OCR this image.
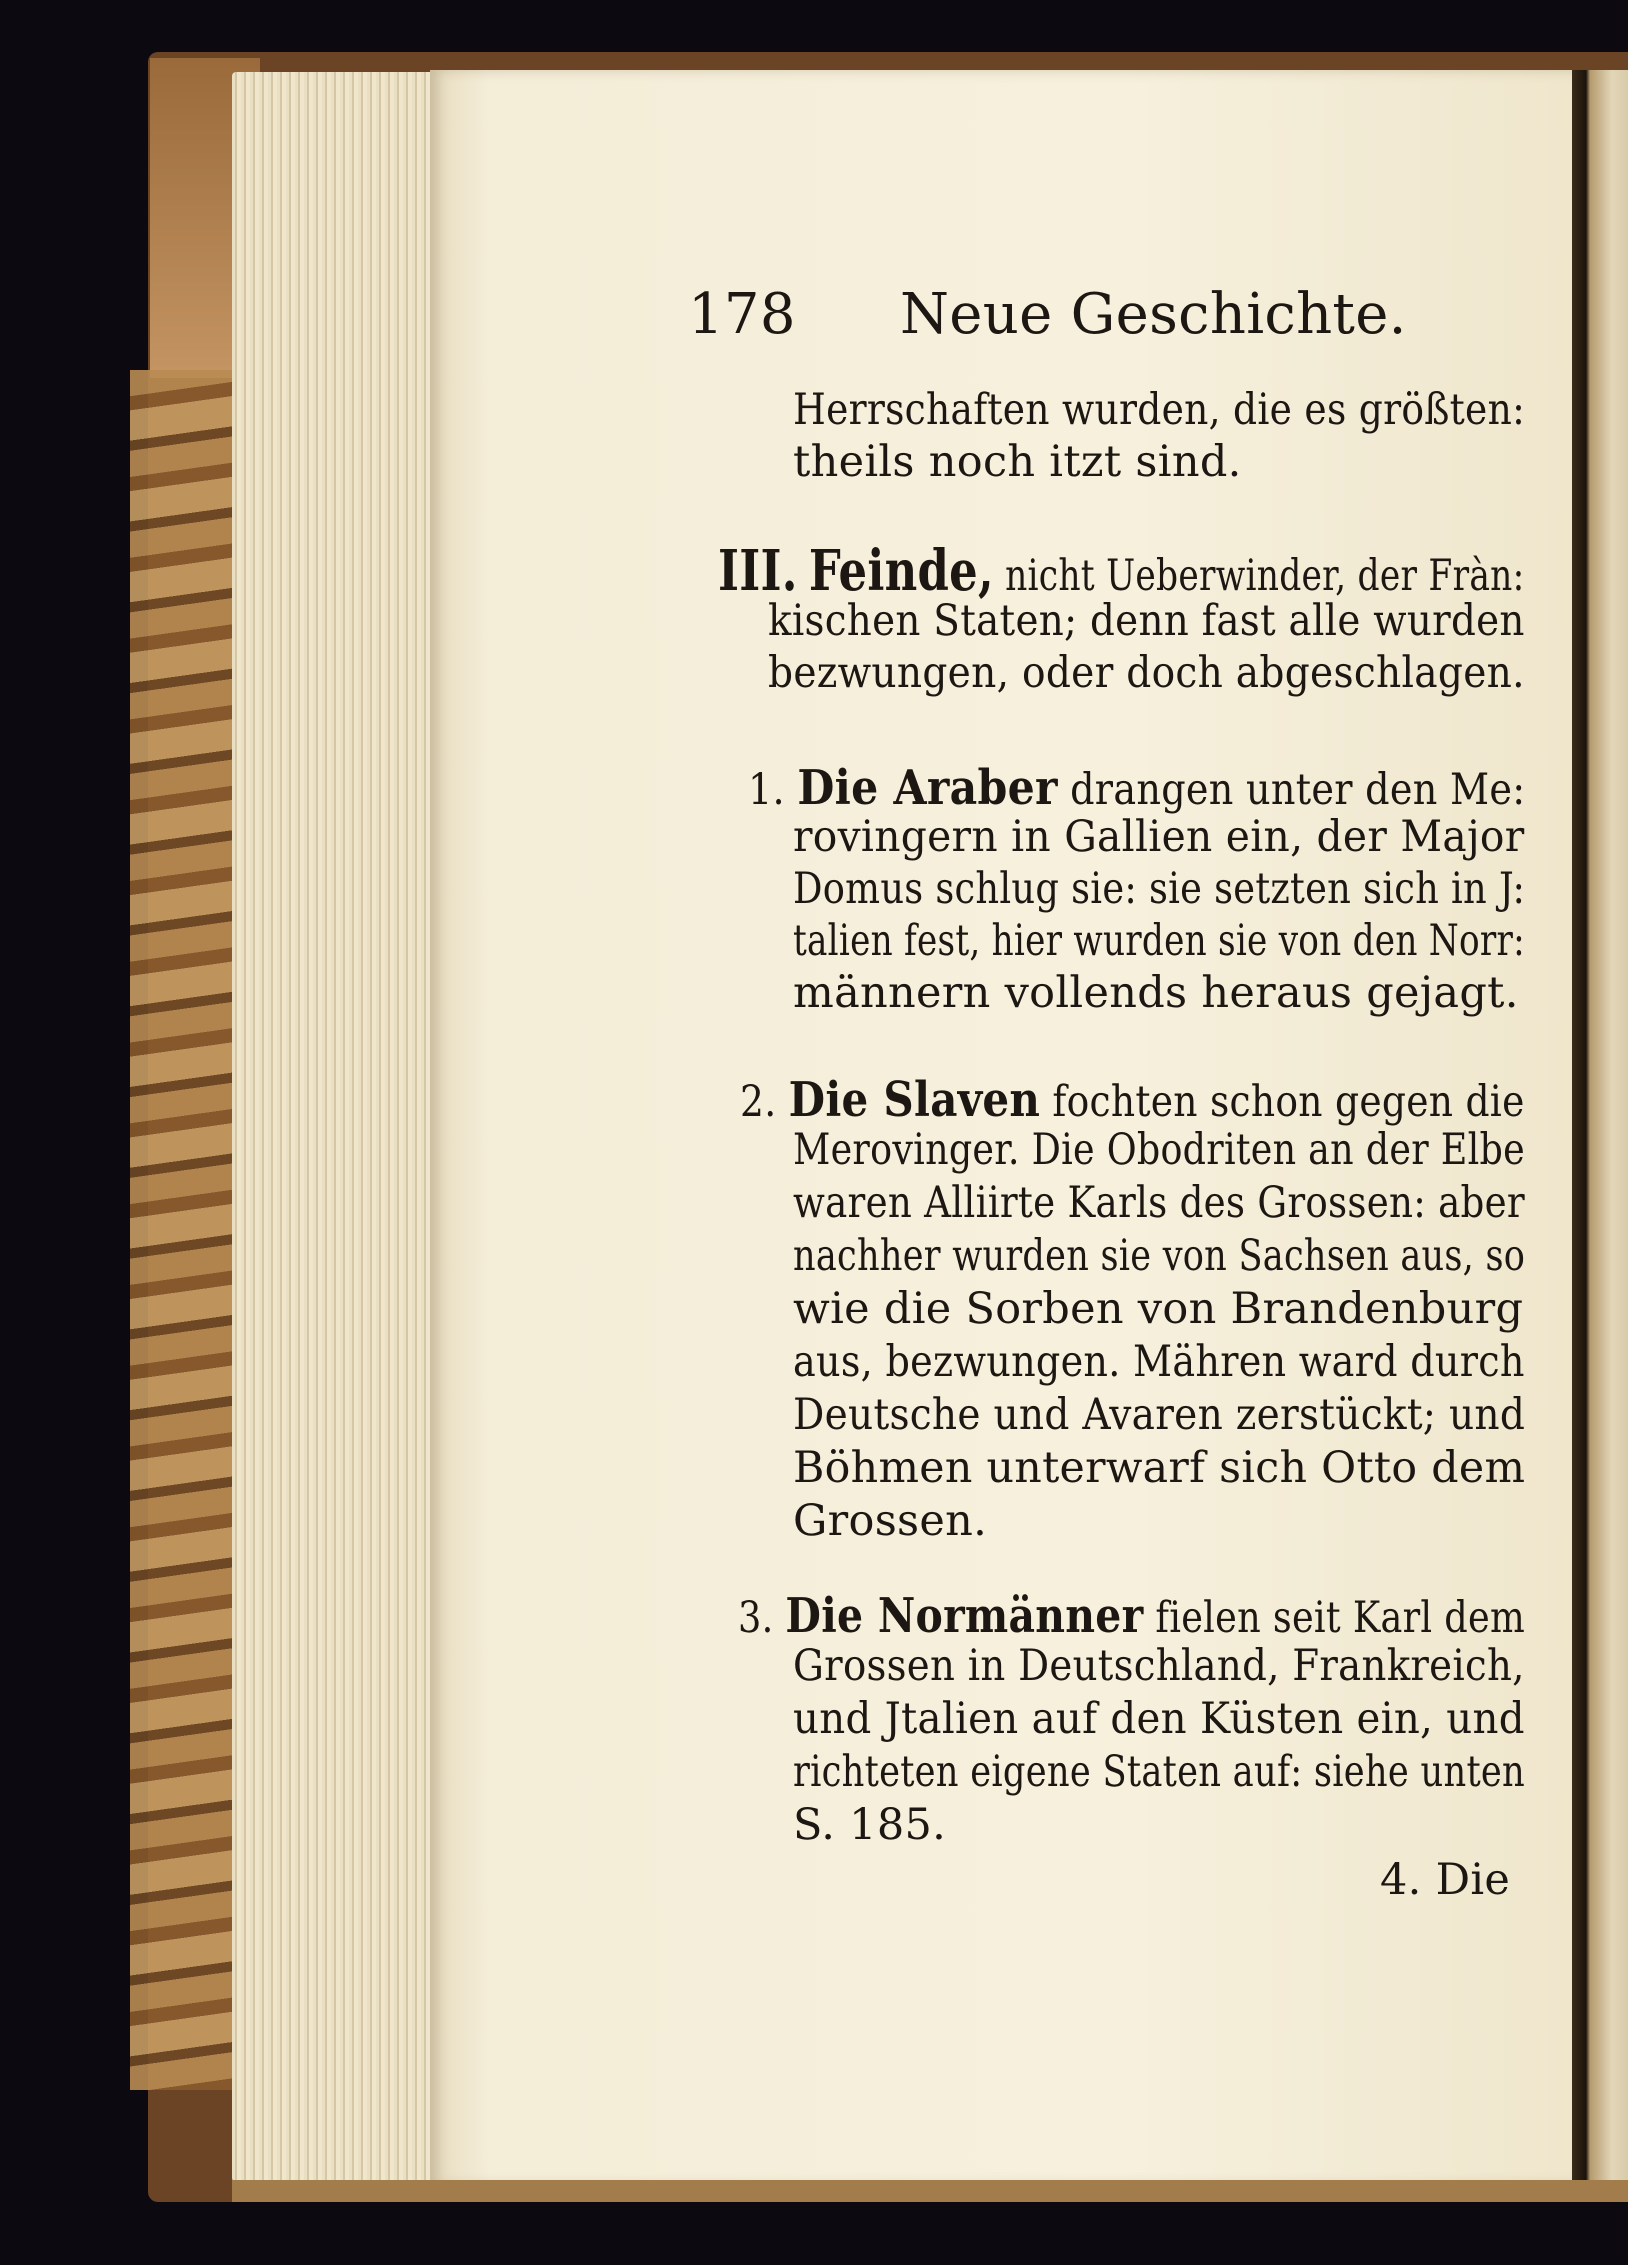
178 Neue Geschichte.
Herrschaften wurden, die es größten:
theils noch itzt sind.
III. Feinde, nicht Ueberwinder, der Fràn:
kischen Staten; denn fast alle wurden
bezwungen, oder doch abgeschlagen.
1. Die Araber drangen unter den Me:
rovingern in Gallien ein, der Major
Domus schlug sie: sie setzten sich in J:
talien fest, hier wurden sie von den Norr:
männern vollends heraus gejagt.
2. Die Slaven fochten schon gegen die
Merovinger. Die Obodriten an der Elbe
waren Alliirte Karls des Grossen: aber
nachher wurden sie von Sachsen aus, so
wie die Sorben von Brandenburg
aus, bezwungen. Mähren ward durch
Deutsche und Avaren zerstückt; und
Böhmen unterwarf sich Otto dem
Grossen.
3. Die Normänner fielen seit Karl dem
Grossen in Deutschland, Frankreich,
und Jtalien auf den Küsten ein, und
richteten eigene Staten auf: siehe unten
S. 185.
4. Die
